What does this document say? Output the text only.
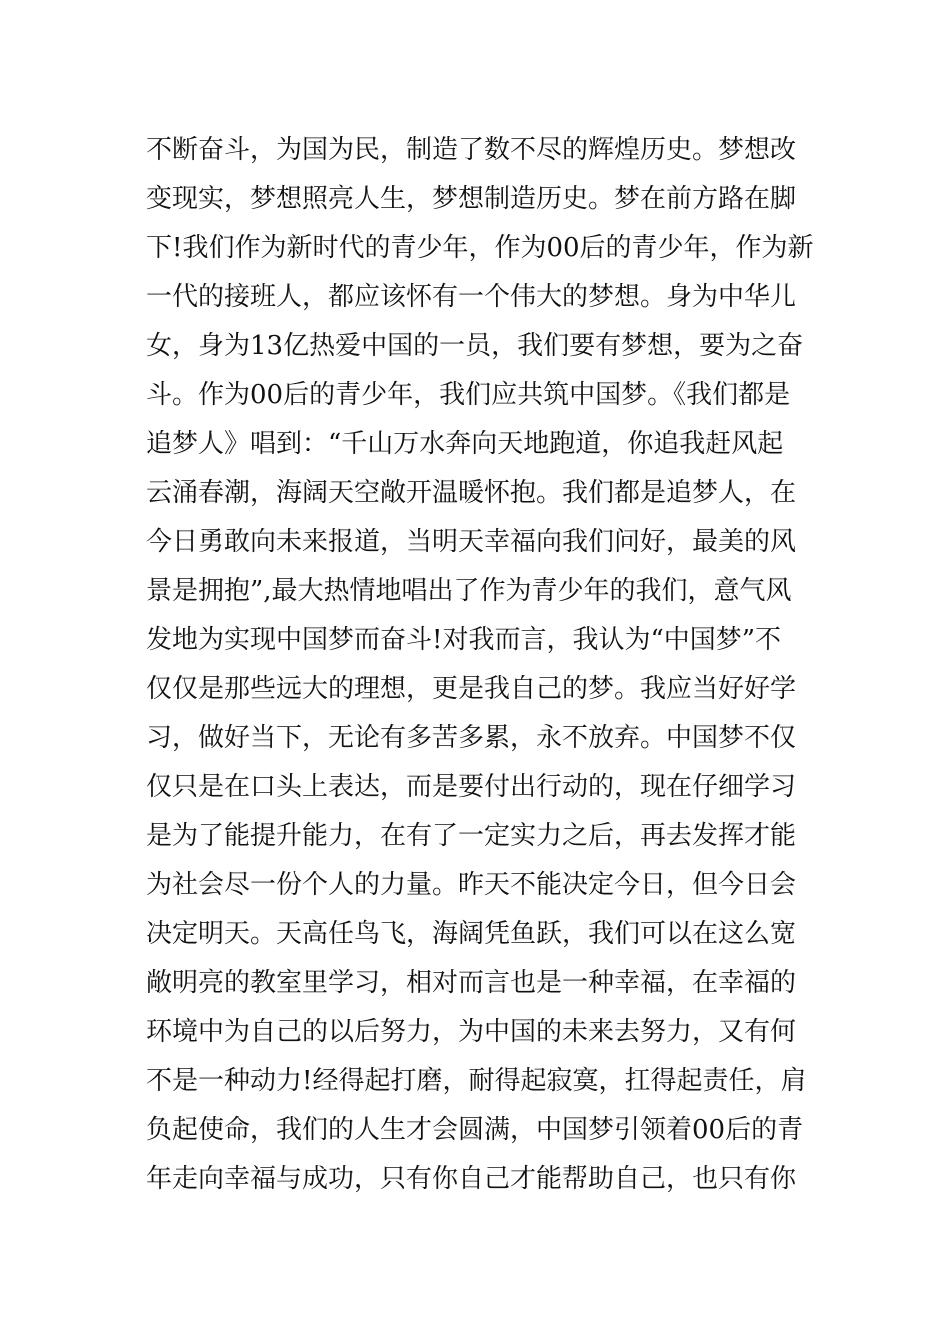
不断奋斗，为国为民，制造了数不尽的辉煌历史。梦想改
变现实，梦想照亮人生，梦想制造历史。梦在前方路在脚
下!我们作为新时代的青少年，作为00后的青少年，作为新
一代的接班人，都应该怀有一个伟大的梦想。身为中华儿
女，身为13亿热爱中国的一员，我们要有梦想，要为之奋
斗。作为00后的青少年，我们应共筑中国梦。《我们都是
追梦人》唱到：“千山万水奔向天地跑道，你追我赶风起
云涌春潮，海阔天空敞开温暖怀抱。我们都是追梦人，在
今日勇敢向未来报道，当明天幸福向我们问好，最美的风
景是拥抱”,最大热情地唱出了作为青少年的我们，意气风
发地为实现中国梦而奋斗!对我而言，我认为“中国梦”不
仅仅是那些远大的理想，更是我自己的梦。我应当好好学
习，做好当下，无论有多苦多累，永不放弃。中国梦不仅
仅只是在口头上表达，而是要付出行动的，现在仔细学习
是为了能提升能力，在有了一定实力之后，再去发挥才能
为社会尽一份个人的力量。昨天不能决定今日，但今日会
决定明天。天高任鸟飞，海阔凭鱼跃，我们可以在这么宽
敞明亮的教室里学习，相对而言也是一种幸福，在幸福的
环境中为自己的以后努力，为中国的未来去努力，又有何
不是一种动力!经得起打磨，耐得起寂寞，扛得起责任，肩
负起使命，我们的人生才会圆满，中国梦引领着00后的青
年走向幸福与成功，只有你自己才能帮助自己，也只有你
